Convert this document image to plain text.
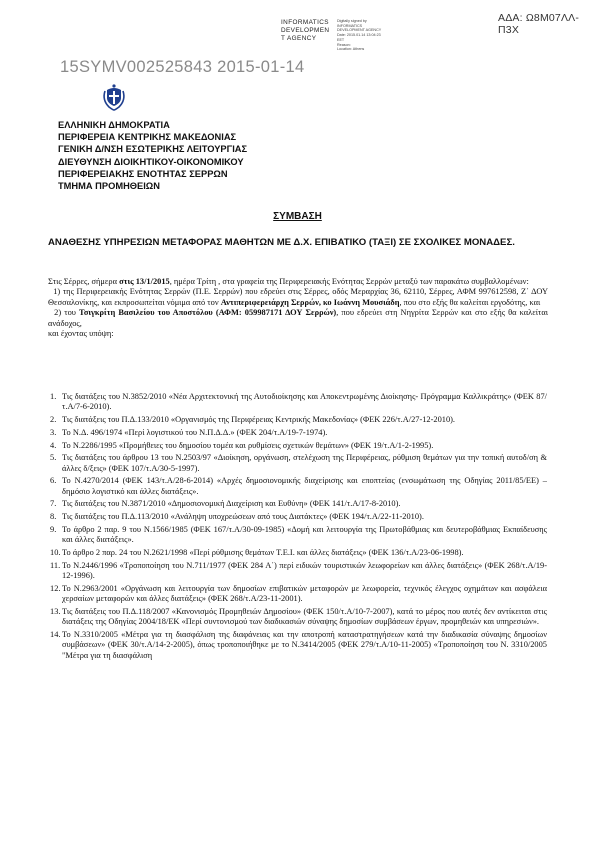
ΑΔΑ: Ω8Μ07ΛΛ-Π3Χ
INFORMATICS
DEVELOPMEN
T AGENCY
Digitally signed by
INFORMATICS
DEVELOPMENT AGENCY
Date: 2015.01.14 13:04:23
EET
Reason:
Location: Athens
15SYMV002525843 2015-01-14
ΕΛΛΗΝΙΚΗ ΔΗΜΟΚΡΑΤΙΑ
ΠΕΡΙΦΕΡΕΙΑ ΚΕΝΤΡΙΚΗΣ ΜΑΚΕΔΟΝΙΑΣ
ΓΕΝΙΚΗ Δ/ΝΣΗ ΕΣΩΤΕΡΙΚΗΣ ΛΕΙΤΟΥΡΓΙΑΣ
ΔΙΕΥΘΥΝΣΗ ΔΙΟΙΚΗΤΙΚΟΥ-ΟΙΚΟΝΟΜΙΚΟΥ
ΠΕΡΙΦΕΡΕΙΑΚΗΣ ΕΝΟΤΗΤΑΣ ΣΕΡΡΩΝ
ΤΜΗΜΑ ΠΡΟΜΗΘΕΙΩΝ
ΣΥΜΒΑΣΗ
ΑΝΑΘΕΣΗΣ ΥΠΗΡΕΣΙΩΝ ΜΕΤΑΦΟΡΑΣ ΜΑΘΗΤΩΝ ΜΕ Δ.Χ. ΕΠΙΒΑΤΙΚΟ (ΤΑΞΙ) ΣΕ ΣΧΟΛΙΚΕΣ ΜΟΝΑΔΕΣ.

Στις Σέρρες, σήμερα στις 13/1/2015, ημέρα Τρίτη , στα γραφεία της Περιφερειακής Ενότητας Σερρών μεταξύ των παρακάτω συμβαλλομένων:

1) της Περιφερειακής Ενότητας Σερρών (Π.Ε. Σερρών) που εδρεύει στις Σέρρες, οδός Μεραρχίας 36, 62110, Σέρρες, ΑΦΜ 997612598, Ζ΄ ΔΟΥ Θεσσαλονίκης, και εκπροσωπείται νόμιμα από τον Αντιπεριφερειάρχη Σερρών, κο Ιωάννη Μουσιάδη, που στο εξής θα καλείται εργοδότης, και

2) του Τσιγκρίτη Βασιλείου του Αποστόλου (ΑΦΜ: 059987171 ΔΟΥ Σερρών), που εδρεύει στη Νηγρίτα Σερρών και στο εξής θα καλείται ανάδοχος,

και έχοντας υπόψη:

1. Τις διατάξεις του Ν.3852/2010 «Νέα Αρχιτεκτονική της Αυτοδιοίκησης και Αποκεντρωμένης Διοίκησης- Πρόγραμμα Καλλικράτης» (ΦΕΚ 87/τ.Α/7-6-2010).
2. Τις διατάξεις του Π.Δ.133/2010 «Οργανισμός της Περιφέρειας Κεντρικής Μακεδονίας» (ΦΕΚ 226/τ.Α/27-12-2010).
3. Το Ν.Δ. 496/1974 «Περί λογιστικού του Ν.Π.Δ.Δ.» (ΦΕΚ 204/τ.Α/19-7-1974).
4. Το Ν.2286/1995 «Προμήθειες του δημοσίου τομέα και ρυθμίσεις σχετικών θεμάτων» (ΦΕΚ 19/τ.Α/1-2-1995).
5. Τις διατάξεις του άρθρου 13 του Ν.2503/97 «Διοίκηση, οργάνωση, στελέχωση της Περιφέρειας, ρύθμιση θεμάτων για την τοπική αυτοδ/ση & άλλες δ/ξεις» (ΦΕΚ 107/τ.Α/30-5-1997).
6. Το Ν.4270/2014 (ΦΕΚ 143/τ.Α/28-6-2014) «Αρχές δημοσιονομικής διαχείρισης και εποπτείας (ενσωμάτωση της Οδηγίας 2011/85/ΕΕ) – δημόσιο λογιστικό και άλλες διατάξεις».
7. Τις διατάξεις του Ν.3871/2010 «Δημοσιονομική Διαχείριση και Ευθύνη» (ΦΕΚ 141/τ.Α/17-8-2010).
8. Τις διατάξεις του Π.Δ.113/2010 «Ανάληψη υποχρεώσεων από τους Διατάκτες» (ΦΕΚ 194/τ.Α/22-11-2010).
9. Το άρθρο 2 παρ. 9 του Ν.1566/1985 (ΦΕΚ 167/τ.Α/30-09-1985) «Δομή και λειτουργία της Πρωτοβάθμιας και δευτεροβάθμιας Εκπαίδευσης και άλλες διατάξεις».
10. Το άρθρο 2 παρ. 24 του Ν.2621/1998 «Περί ρύθμισης θεμάτων Τ.Ε.Ι. και άλλες διατάξεις» (ΦΕΚ 136/τ.Α/23-06-1998).
11. Το Ν.2446/1996 «Τροποποίηση του Ν.711/1977 (ΦΕΚ 284 Α΄) περί ειδικών τουριστικών λεωφορείων και άλλες διατάξεις» (ΦΕΚ 268/τ.Α/19-12-1996).
12. Το Ν.2963/2001 «Οργάνωση και λειτουργία των δημοσίων επιβατικών μεταφορών με λεωφορεία, τεχνικός έλεγχος οχημάτων και ασφάλεια χερσαίων μεταφορών και άλλες διατάξεις» (ΦΕΚ 268/τ.Α/23-11-2001).
13. Τις διατάξεις του Π.Δ.118/2007 «Κανονισμός Προμηθειών Δημοσίου» (ΦΕΚ 150/τ.Α/10-7-2007), κατά το μέρος που αυτές δεν αντίκειται στις διατάξεις της Οδηγίας 2004/18/ΕΚ «Περί συντονισμού των διαδικασιών σύναψης δημοσίων συμβάσεων έργων, προμηθειών και υπηρεσιών».
14. Το Ν.3310/2005 «Μέτρα για τη διασφάλιση της διαφάνειας και την αποτροπή καταστρατηγήσεων κατά την διαδικασία σύναψης δημοσίων συμβάσεων» (ΦΕΚ 30/τ.Α/14-2-2005), όπως τροποποιήθηκε με το Ν.3414/2005 (ΦΕΚ 279/τ.Α/10-11-2005) «Τροποποίηση του Ν. 3310/2005 "Μέτρα για τη διασφάλιση
